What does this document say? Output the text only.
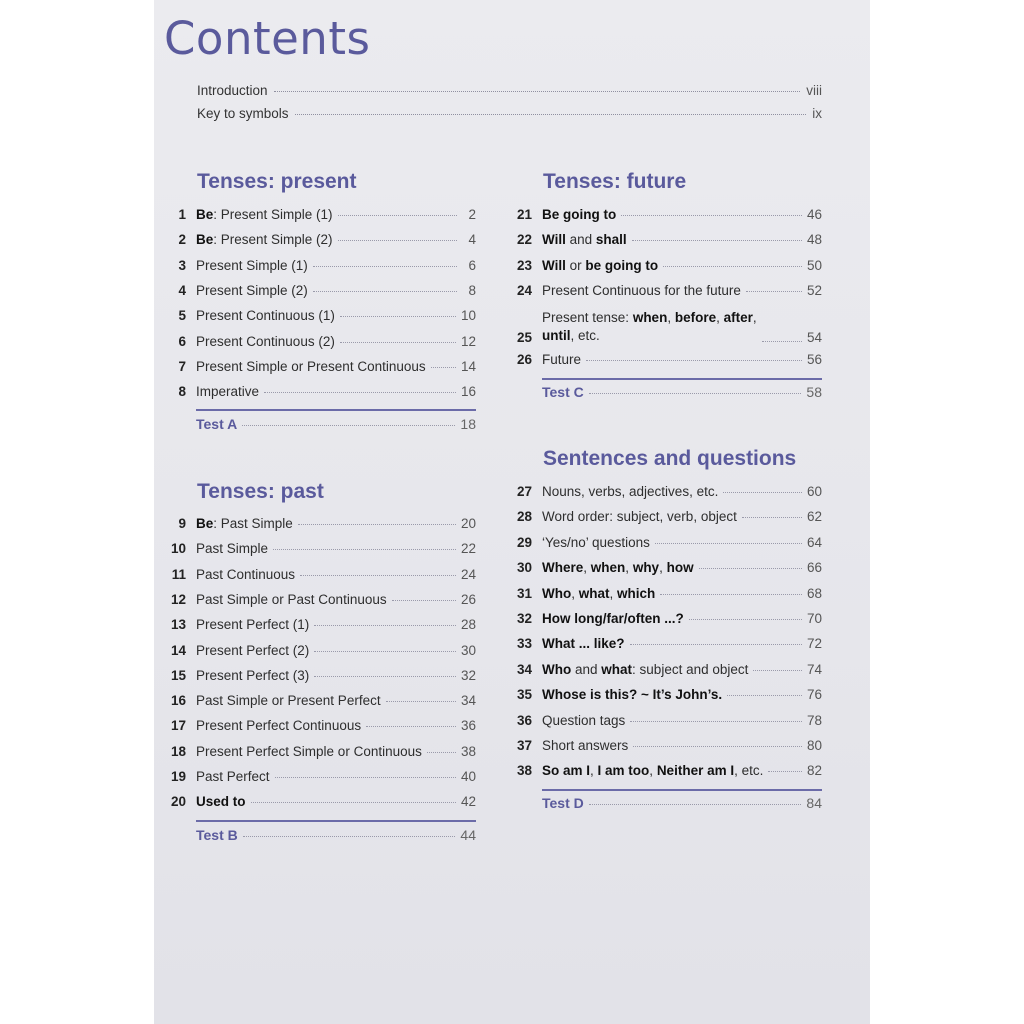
Contents
Introduction	viii
Key to symbols	ix
Tenses: present
Tenses: past
Tenses: future
Sentences and questions
1 Be: Present Simple (1)	2
2 Be: Present Simple (2)	4
3 Present Simple (1)	6
4 Present Simple (2)	8
5 Present Continuous (1)	10
6 Present Continuous (2)	12
7 Present Simple or Present Continuous	14
8 Imperative	16
Test A	18
9 Be: Past Simple	20
10 Past Simple	22
11 Past Continuous	24
12 Past Simple or Past Continuous	26
13 Present Perfect (1)	28
14 Present Perfect (2)	30
15 Present Perfect (3)	32
16 Past Simple or Present Perfect	34
17 Present Perfect Continuous	36
18 Present Perfect Simple or Continuous	38
19 Past Perfect	40
20 Used to	42
Test B	44
21 Be going to	46
22 Will and shall	48
23 Will or be going to	50
24 Present Continuous for the future	52
25
Present tense: when, before, after,
until, etc.	54
26 Future	56
Test C	58
27 Nouns, verbs, adjectives, etc.	60
28 Word order: subject, verb, object	62
29 ‘Yes/no’ questions	64
30 Where, when, why, how	66
31 Who, what, which	68
32 How long/far/often ...?	70
33 What ... like?	72
34 Who and what: subject and object	74
35 Whose is this? ~ It’s John’s.	76
36 Question tags	78
37 Short answers	80
38 So am I, I am too, Neither am I, etc.	82
Test D	84
